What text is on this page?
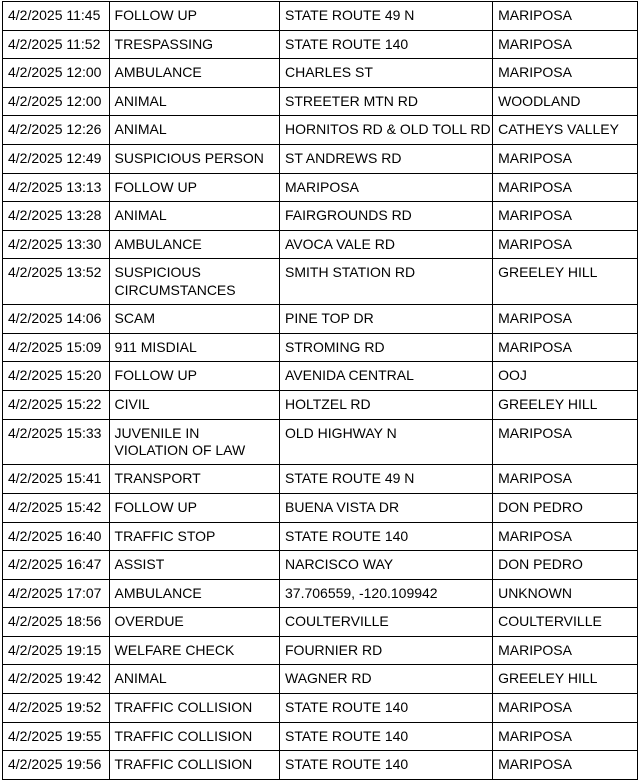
4/2/2025 11:45	FOLLOW UP	STATE ROUTE 49 N	MARIPOSA

4/2/2025 11:52	TRESPASSING	STATE ROUTE 140	MARIPOSA

4/2/2025 12:00	AMBULANCE	CHARLES ST	MARIPOSA

4/2/2025 12:00	ANIMAL	STREETER MTN RD	WOODLAND

4/2/2025 12:26	ANIMAL	HORNITOS RD & OLD TOLL RD	CATHEYS VALLEY

4/2/2025 12:49	SUSPICIOUS PERSON	ST ANDREWS RD	MARIPOSA

4/2/2025 13:13	FOLLOW UP	MARIPOSA	MARIPOSA

4/2/2025 13:28	ANIMAL	FAIRGROUNDS RD	MARIPOSA

4/2/2025 13:30	AMBULANCE	AVOCA VALE RD	MARIPOSA

4/2/2025 13:52	SUSPICIOUS CIRCUMSTANCES	SMITH STATION RD	GREELEY HILL

4/2/2025 14:06	SCAM	PINE TOP DR	MARIPOSA

4/2/2025 15:09	911 MISDIAL	STROMING RD	MARIPOSA

4/2/2025 15:20	FOLLOW UP	AVENIDA CENTRAL	OOJ

4/2/2025 15:22	CIVIL	HOLTZEL RD	GREELEY HILL

4/2/2025 15:33	JUVENILE IN VIOLATION OF LAW	OLD HIGHWAY N	MARIPOSA

4/2/2025 15:41	TRANSPORT	STATE ROUTE 49 N	MARIPOSA

4/2/2025 15:42	FOLLOW UP	BUENA VISTA DR	DON PEDRO

4/2/2025 16:40	TRAFFIC STOP	STATE ROUTE 140	MARIPOSA

4/2/2025 16:47	ASSIST	NARCISCO WAY	DON PEDRO

4/2/2025 17:07	AMBULANCE	37.706559, -120.109942	UNKNOWN

4/2/2025 18:56	OVERDUE	COULTERVILLE	COULTERVILLE

4/2/2025 19:15	WELFARE CHECK	FOURNIER RD	MARIPOSA

4/2/2025 19:42	ANIMAL	WAGNER RD	GREELEY HILL

4/2/2025 19:52	TRAFFIC COLLISION	STATE ROUTE 140	MARIPOSA

4/2/2025 19:55	TRAFFIC COLLISION	STATE ROUTE 140	MARIPOSA

4/2/2025 19:56	TRAFFIC COLLISION	STATE ROUTE 140	MARIPOSA
